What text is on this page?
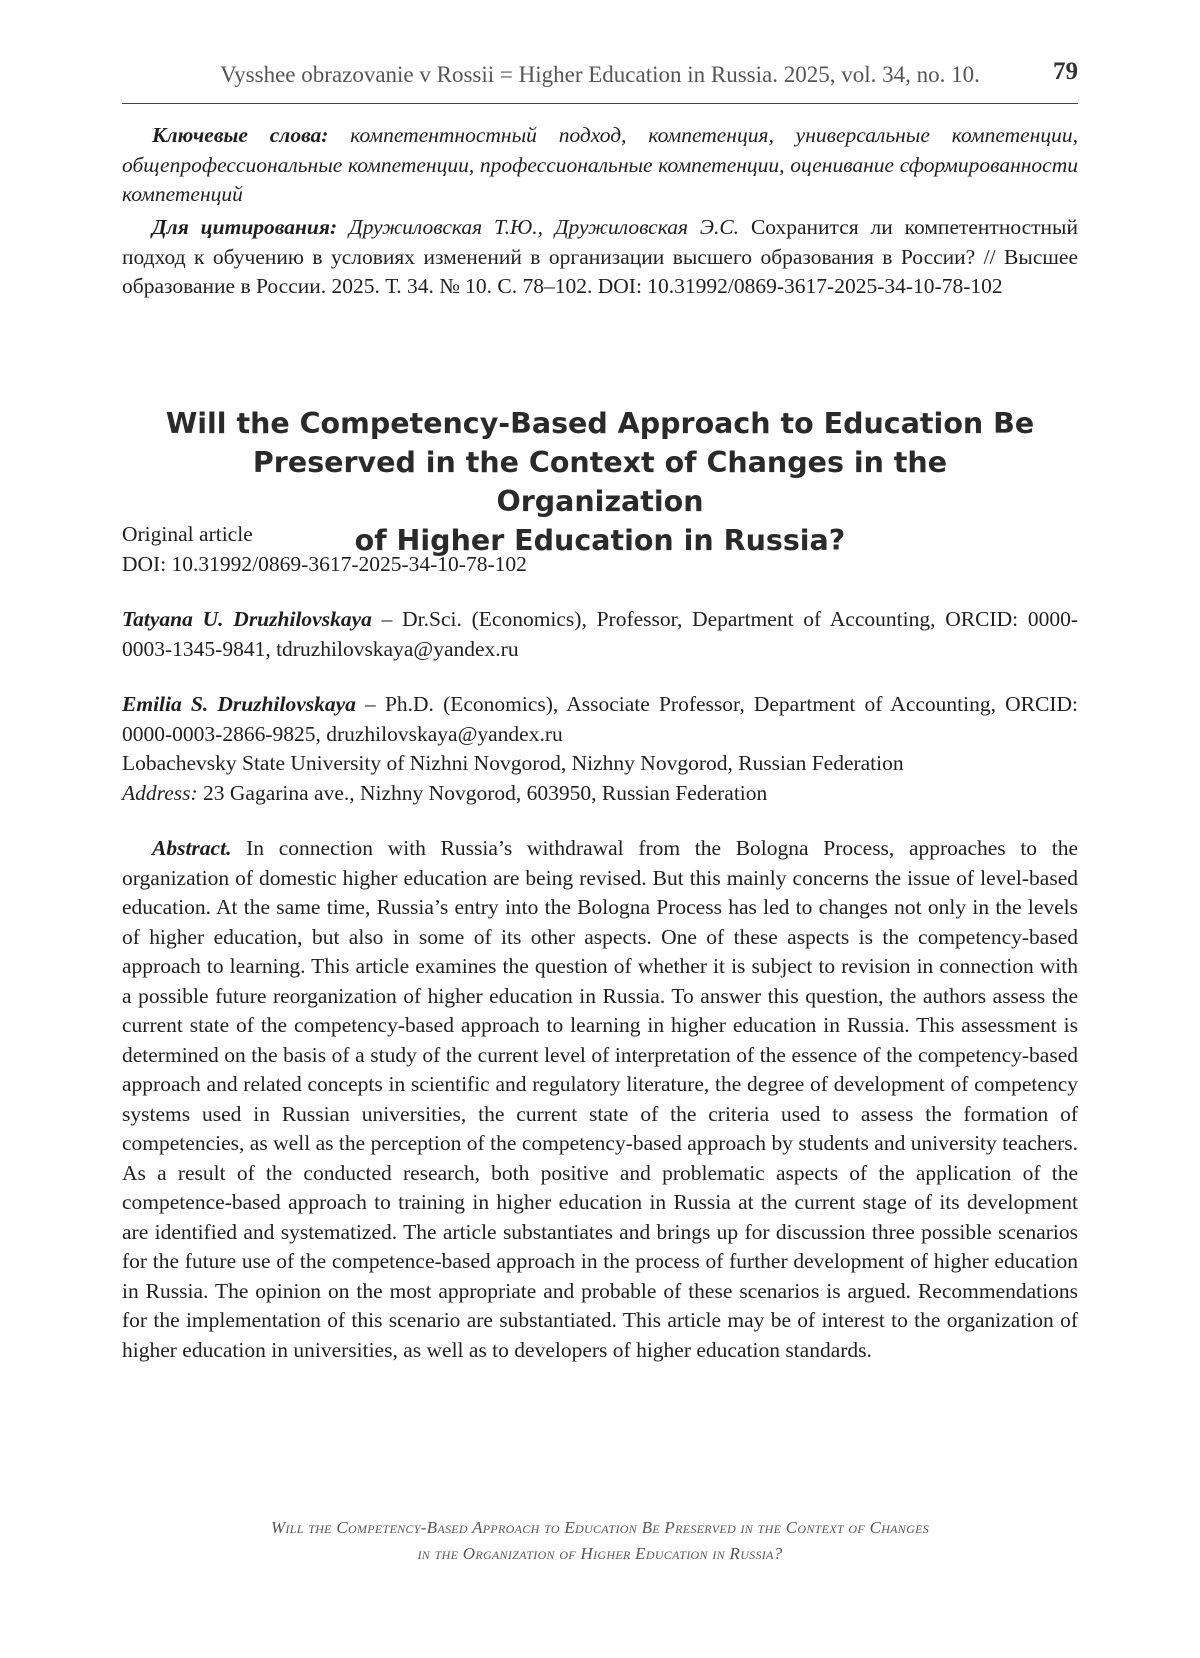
Vysshee obrazovanie v Rossii = Higher Education in Russia. 2025, vol. 34, no. 10.	79
Ключевые слова: компетентностный подход, компетенция, универсальные компетенции, общепрофессиональные компетенции, профессиональные компетенции, оценивание сформированности компетенций
Для цитирования: Дружиловская Т.Ю., Дружиловская Э.С. Сохранится ли компетентностный подход к обучению в условиях изменений в организации высшего образования в России? // Высшее образование в России. 2025. Т. 34. № 10. С. 78–102. DOI: 10.31992/0869-3617-2025-34-10-78-102
Will the Competency-Based Approach to Education Be
Preserved in the Context of Changes in the Organization
of Higher Education in Russia?
Original article
DOI: 10.31992/0869-3617-2025-34-10-78-102
Tatyana U. Druzhilovskaya – Dr.Sci. (Economics), Professor, Department of Accounting, ORCID: 0000-0003-1345-9841, tdruzhilovskaya@yandex.ru
Emilia S. Druzhilovskaya – Ph.D. (Economics), Associate Professor, Department of Accounting, ORCID: 0000-0003-2866-9825, druzhilovskaya@yandex.ru
Lobachevsky State University of Nizhni Novgorod, Nizhny Novgorod, Russian Federation
Address: 23 Gagarina ave., Nizhny Novgorod, 603950, Russian Federation
Abstract. In connection with Russia’s withdrawal from the Bologna Process, approaches to the organization of domestic higher education are being revised. But this mainly concerns the issue of level-based education. At the same time, Russia’s entry into the Bologna Process has led to changes not only in the levels of higher education, but also in some of its other aspects. One of these aspects is the competency-based approach to learning. This article examines the question of whether it is subject to revision in connection with a possible future reorganization of higher education in Russia. To answer this question, the authors assess the current state of the competency-based approach to learning in higher education in Russia. This assessment is determined on the basis of a study of the current level of interpretation of the essence of the competency-based approach and related concepts in scientific and regulatory literature, the degree of development of competency systems used in Russian universities, the current state of the criteria used to assess the formation of competencies, as well as the perception of the competency-based approach by students and university teachers. As a result of the conducted research, both positive and problematic aspects of the application of the competence-based approach to training in higher education in Russia at the current stage of its development are identified and systematized. The article substantiates and brings up for discussion three possible scenarios for the future use of the competence-based approach in the process of further development of higher education in Russia. The opinion on the most appropriate and probable of these scenarios is argued. Recommendations for the implementation of this scenario are substantiated. This article may be of interest to the organization of higher education in universities, as well as to developers of higher education standards.
Will the Competency-Based Approach to Education Be Preserved in the Context of Changes
in the Organization of Higher Education in Russia?
